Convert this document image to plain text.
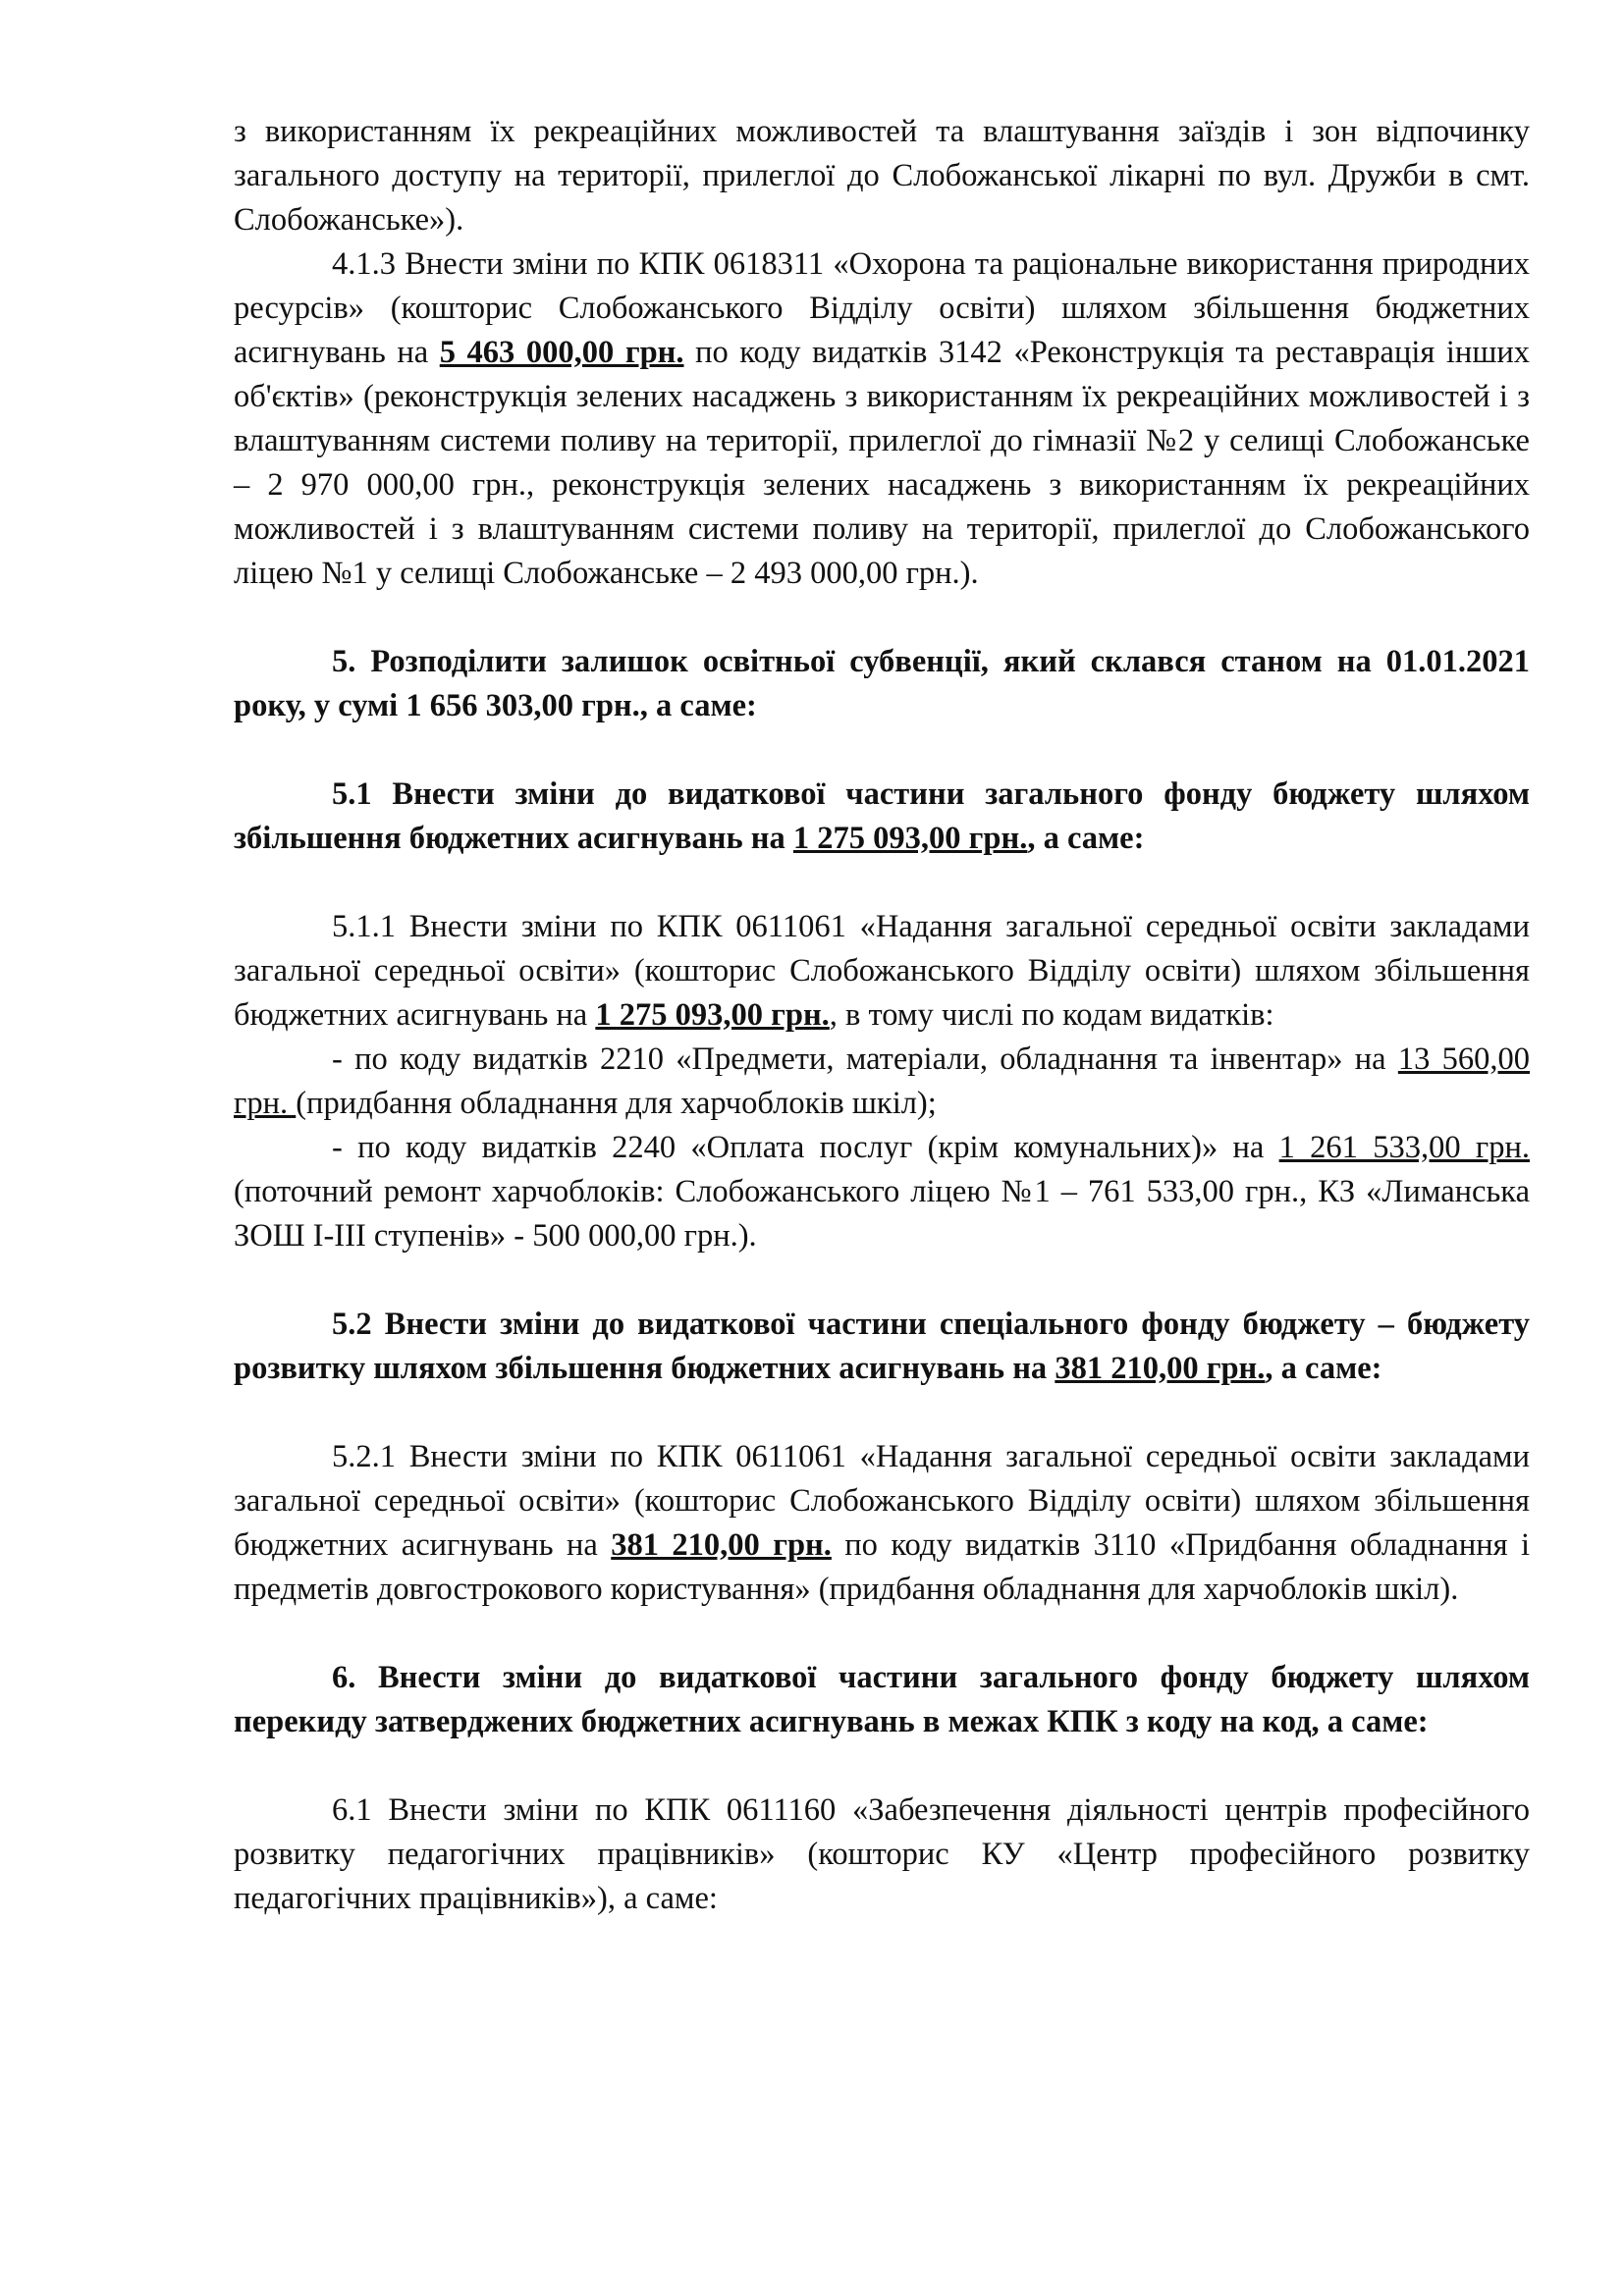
з використанням їх рекреаційних можливостей та влаштування заїздів і зон відпочинку загального доступу на території, прилеглої до Слобожанської лікарні по вул. Дружби в смт. Слобожанське»).

4.1.3 Внести зміни по КПК 0618311 «Охорона та раціональне використання природних ресурсів» (кошторис Слобожанського Відділу освіти) шляхом збільшення бюджетних асигнувань на 5 463 000,00 грн. по коду видатків 3142 «Реконструкція та реставрація інших об'єктів» (реконструкція зелених насаджень з використанням їх рекреаційних можливостей і з влаштуванням системи поливу на території, прилеглої до гімназії №2 у селищі Слобожанське – 2 970 000,00 грн., реконструкція зелених насаджень з використанням їх рекреаційних можливостей і з влаштуванням системи поливу на території, прилеглої до Слобожанського ліцею №1 у селищі Слобожанське – 2 493 000,00 грн.).

5. Розподілити залишок освітньої субвенції, який склався станом на 01.01.2021 року, у сумі 1 656 303,00 грн., а саме:

5.1 Внести зміни до видаткової частини загального фонду бюджету шляхом збільшення бюджетних асигнувань на 1 275 093,00 грн., а саме:

5.1.1 Внести зміни по КПК 0611061 «Надання загальної середньої освіти закладами загальної середньої освіти» (кошторис Слобожанського Відділу освіти) шляхом збільшення бюджетних асигнувань на 1 275 093,00 грн., в тому числі по кодам видатків:

- по коду видатків 2210 «Предмети, матеріали, обладнання та інвентар» на 13 560,00 грн. (придбання обладнання для харчоблоків шкіл);

- по коду видатків 2240 «Оплата послуг (крім комунальних)» на 1 261 533,00 грн. (поточний ремонт харчоблоків: Слобожанського ліцею №1 – 761 533,00 грн., КЗ «Лиманська ЗОШ І-ІІІ ступенів» - 500 000,00 грн.).

5.2 Внести зміни до видаткової частини спеціального фонду бюджету – бюджету розвитку шляхом збільшення бюджетних асигнувань на 381 210,00 грн., а саме:

5.2.1 Внести зміни по КПК 0611061 «Надання загальної середньої освіти закладами загальної середньої освіти» (кошторис Слобожанського Відділу освіти) шляхом збільшення бюджетних асигнувань на 381 210,00 грн. по коду видатків 3110 «Придбання обладнання і предметів довгострокового користування» (придбання обладнання для харчоблоків шкіл).

6. Внести зміни до видаткової частини загального фонду бюджету шляхом перекиду затверджених бюджетних асигнувань в межах КПК з коду на код, а саме:

6.1 Внести зміни по КПК 0611160 «Забезпечення діяльності центрів професійного розвитку педагогічних працівників» (кошторис КУ «Центр професійного розвитку педагогічних працівників»), а саме:
